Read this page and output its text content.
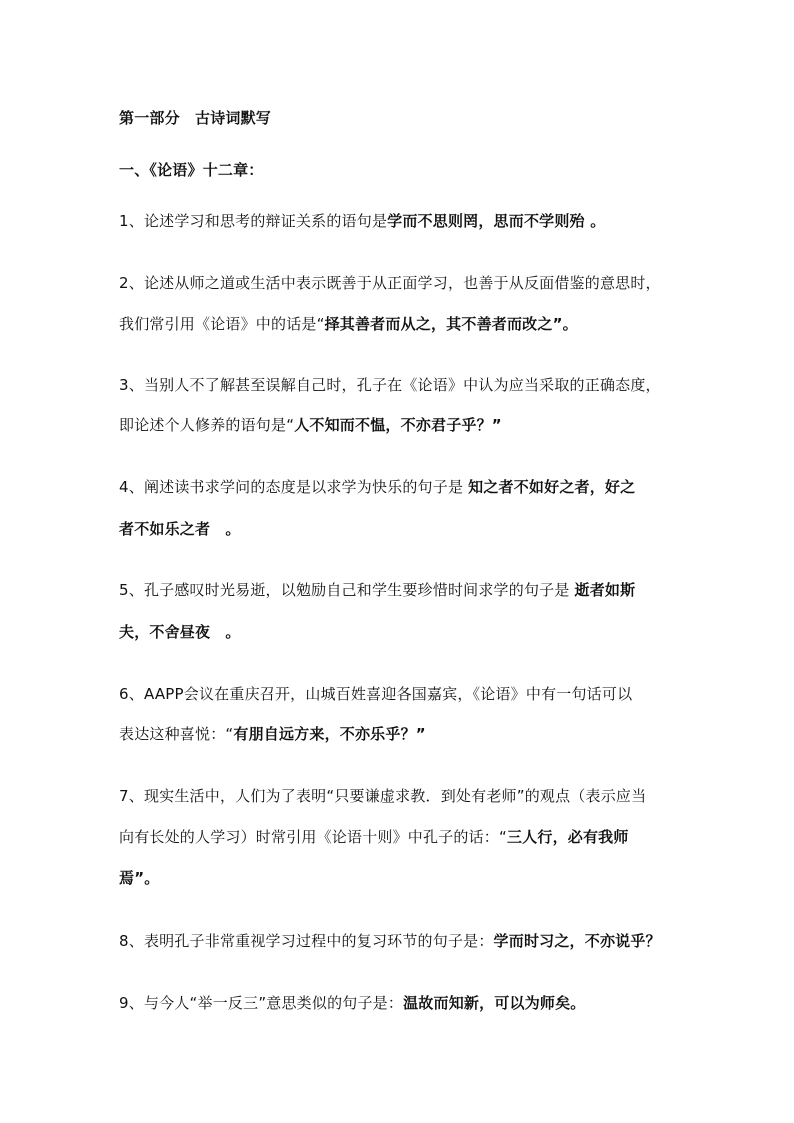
第一部分　古诗词默写
一、《论语》十二章：
1、论述学习和思考的辩证关系的语句是学而不思则罔，思而不学则殆 。
2、论述从师之道或生活中表示既善于从正面学习，也善于从反面借鉴的意思时，
我们常引用《论语》中的话是“择其善者而从之，其不善者而改之”。
3、当别人不了解甚至误解自己时，孔子在《论语》中认为应当采取的正确态度，
即论述个人修养的语句是“人不知而不愠，不亦君子乎？”
4、阐述读书求学问的态度是以求学为快乐的句子是 知之者不如好之者，好之
者不如乐之者　。
5、孔子感叹时光易逝，以勉励自己和学生要珍惜时间求学的句子是 逝者如斯
夫，不舍昼夜　。
6、AAPP会议在重庆召开，山城百姓喜迎各国嘉宾，《论语》中有一句话可以
表达这种喜悦：“有朋自远方来，不亦乐乎？”
7、现实生活中，人们为了表明“只要谦虚求教．到处有老师”的观点（表示应当
向有长处的人学习）时常引用《论语十则》中孔子的话：“三人行，必有我师
焉”。
8、表明孔子非常重视学习过程中的复习环节的句子是：学而时习之，不亦说乎？
9、与今人“举一反三”意思类似的句子是：温故而知新，可以为师矣。
